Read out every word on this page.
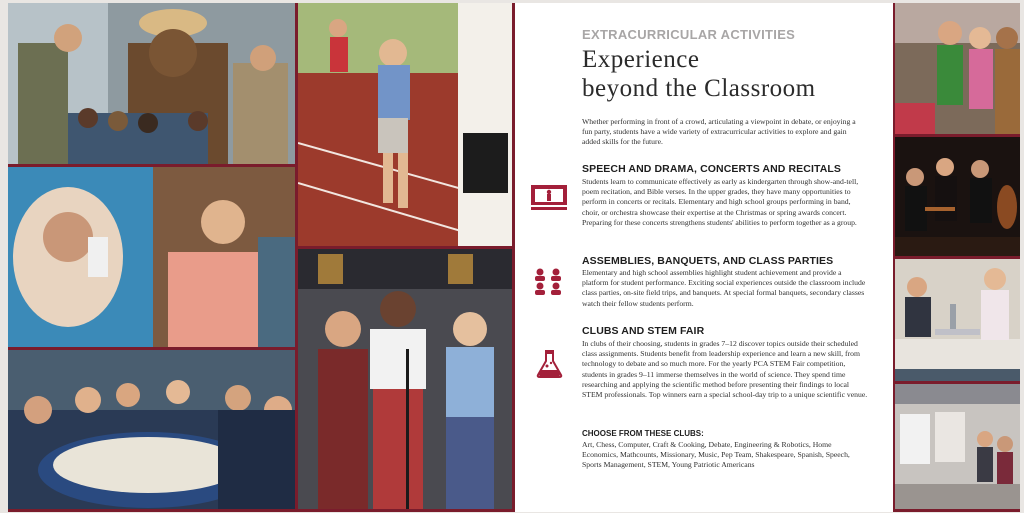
EXTRACURRICULAR ACTIVITIES
Experience
beyond the Classroom

Whether performing in front of a crowd, articulating a viewpoint in debate, or enjoying a fun party, students have a wide variety of extracurricular activities to explore and gain added skills for the future.

SPEECH AND DRAMA, CONCERTS AND RECITALS

Students learn to communicate effectively as early as kindergarten through show-and-tell, poem recitation, and Bible verses. In the upper grades, they have many opportunities to perform in concerts or recitals. Elementary and high school groups performing in band, choir, or orchestra showcase their expertise at the Christmas or spring awards concert. Preparing for these concerts strengthens students' abilities to perform together as a group.

ASSEMBLIES, BANQUETS, AND CLASS PARTIES

Elementary and high school assemblies highlight student achievement and provide a platform for student performance. Exciting social experiences outside the classroom include class parties, on-site field trips, and banquets. At special formal banquets, secondary classes watch their fellow students perform.

CLUBS AND STEM FAIR

In clubs of their choosing, students in grades 7–12 discover topics outside their scheduled class assignments. Students benefit from leadership experience and learn a new skill, from technology to debate and so much more. For the yearly PCA STEM Fair competition, students in grades 9–11 immerse themselves in the world of science. They spend time researching and applying the scientific method before presenting their findings to local STEM professionals. Top winners earn a special school-day trip to a unique scientific venue.

CHOOSE FROM THESE CLUBS:

Art, Chess, Computer, Craft & Cooking, Debate, Engineering & Robotics, Home Economics, Mathcounts, Missionary, Music, Pep Team, Shakespeare, Spanish, Speech, Sports Management, STEM, Young Patriotic Americans
